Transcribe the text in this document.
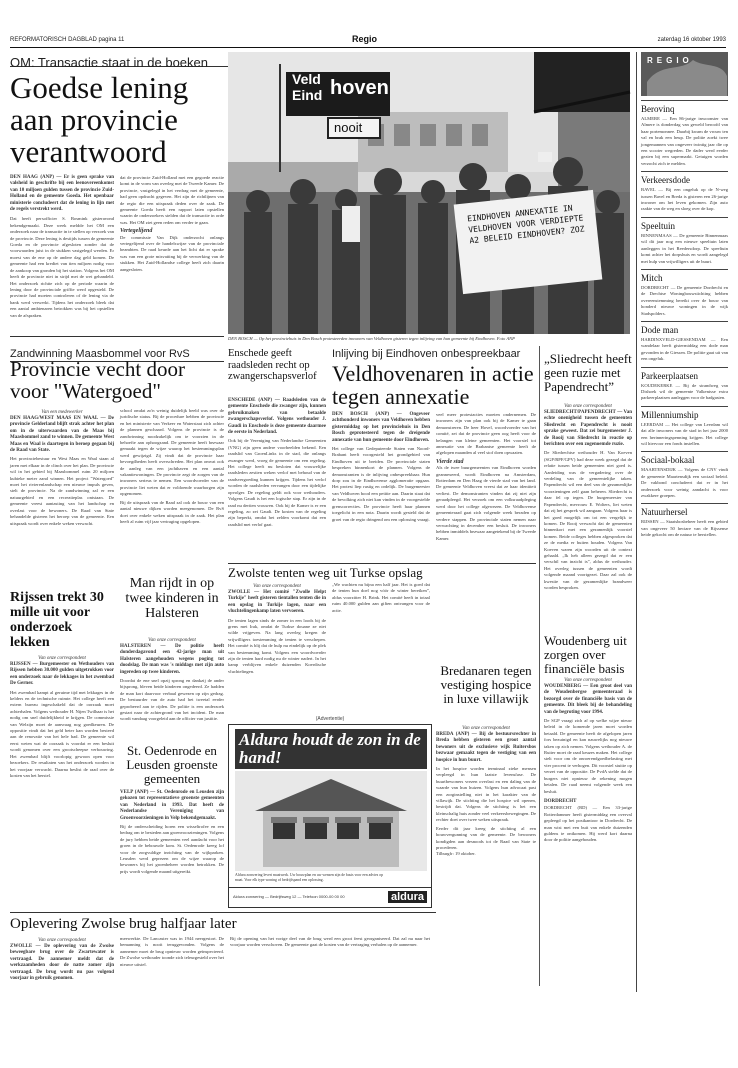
REFORMATORISCH DAGBLAD pagina 11	Regio	zaterdag 16 oktober 1993
OM: Transactie staat in de boeken
Goedse lening aan provincie verantwoord

DEN HAAG (ANP) — Er is geen sprake van valsheid in geschrifte bij een leenovereenkomst van 10 miljoen gulden tussen de provincie Zuid-Holland en de gemeente Goeda. Het openbaar ministerie concludeert dat de lening in lijn met de regels verstrekt werd.

Dat heeft persofficier S. Bosmink gisteravond bekendgemaakt. Deze week meldde het OM een onderzoek naar de transactie in te stellen op verzoek van de provincie. Deze lening is destijds tussen de gemeente Goeda en de provincie afgesloten zonder dat de voorwaarden juist in de stukken vastgelegd werden. Er moest van de ene op de andere dag geld komen. De gemeente had een krediet van tien miljoen nodig voor de aankoop van gronden bij het station. Volgens het OM heeft de provincie niet in strijd met de wet gehandeld. Het onderzoek richtte zich op de periode waarin de lening door de provinciale griffie werd opgesteld. De provincie had moeten controleren of de lening via de bank werd verwerkt. Tijdens het onderzoek bleek dat een aantal ambtenaren betrokken was bij het opstellen van de afspraken.

dat de provincie Zuid-Holland met een gegoede reactie komt in de vorm van overleg met de Tweede Kamer. De provincie, vastgelegd in het verdrag met de gemeente, had geen opdracht gegeven. Het zijn de richtlijnen van de regio die een uitspraak deden over de zaak. De gemeente Goeda heeft een rapport laten opstellen waarin de onderzoekers stelden dat de transactie in orde was. Het OM ziet geen reden om verder te gaan.

Vertegelijend

De commissie Van Dijk onderzocht onlangs vertegelijend over de handelswijze van de provinciale beambten. De raad keurde aan het licht dat er sprake was van een grote misvatting bij de verwerking van de stukken. Het Zuid-Hollandse college heeft zich daarin aangesloten.

Veld
Eind hoven
nooit
EINDHOVEN ANNEXATIE IN VELDHOVEN VOOR VERDIEPTE A2 BELEID EINDHOVEN? ZOZ
DEN BOSCH — Op het provinciehuis in Den Bosch protesteerden inwoners van Veldhoven gisteren tegen inlijving van hun gemeente bij Eindhoven. Foto ANP
Enschede geeft raadsleden recht op zwangerschapsverlof

ENSCHEDE (ANP) — Raadsleden van de gemeente Enschede die zwanger zijn, kunnen gebruikmaken van betaalde zwangerschapsverlof. Volgens wethouder J. Gaudi in Enschede is deze gemeente daarmee de eerste in Nederland.

Ook bij de Vereniging van Nederlandse Gemeenten (VNG) zijn geen andere voorbeelden bekend. Een raadslid van GroenLinks in de stad, die onlangs zwanger werd, vroeg de gemeente om een regeling. Het college heeft nu besloten dat vrouwelijke raadsleden zestien weken verlof met behoud van de raadsvergoeding kunnen krijgen. Tijdens het verlof worden de raadsleden vervangen door een tijdelijke opvolger. De regeling geldt ook voor wethouders. Volgens Gaudi is het een logische stap. Er zijn in de raad nu dertien vrouwen. Ook bij de Kamer is er een regeling, zo zei Gaudi. De kosten van de regeling zijn beperkt, omdat het zelden voorkomt dat een raadslid met verlof gaat.

Inlijving bij Eindhoven onbespreekbaar
Veldhovenaren in actie tegen annexatie

DEN BOSCH (ANP) — Ongeveer achthonderd inwoners van Veldhoven hebben gistermiddag op het provinciehuis in Den Bosch geprotesteerd tegen de dreigende annexatie van hun gemeente door Eindhoven.

Het college van Gedeputeerde Staten van Noord-Brabant heeft voorgesteld het grondgebied van Eindhoven uit te breiden. De provinciale staten bespreken binnenkort de plannen. Volgens de demonstranten is de inlijving onbespreekbaar. Hun dorp zou in de Eindhovense agglomeratie opgaan. Het protest liep rustig en ordelijk. De burgemeester van Veldhoven bood een petitie aan. Daarin staat dat de bevolking zich niet kan vinden in de voorgestelde grenscorrecties. De provincie heeft haar plannen toegelicht in een nota. Daarin wordt gesteld dat de groei van de regio dringend om een oplossing vraagt.

veel meer protestacties moeten ondernemen. De inwoners zijn van plan ook bij de Kamer te gaan demonstreren. De heer Hovel, woordvoerder van het comité, zei dat de provincie geen oog heeft voor de belangen van kleine gemeenten. Het voorstel tot annexatie van de Brabantse gemeente heeft de afgelopen maanden al veel stof doen opwaaien.

Vierde stad

Als de twee buurgemeenten van Eindhoven worden geannexeerd, wordt Eindhoven na Amsterdam, Rotterdam en Den Haag de vierde stad van het land. De gemeente Veldhoven vreest dat ze haar identiteit verliest. De demonstranten vinden dat zij niet zijn geraadpleegd. Het verzoek om een volksraadpleging werd door het college afgewezen. De Veldhovense gemeenteraad gaat zich volgende week beraden op verdere stappen. De provinciale staten nemen naar verwachting in december een besluit. De inwoners hebben inmiddels bezwaar aangetekend bij de Tweede Kamer.

„Sliedrecht heeft geen ruzie met Papendrecht”
Van onze correspondent

SLIEDRECHT/PAPENDRECHT — Van echte onenigheid tussen de gemeenten Sliedrecht en Papendrecht is nooit sprake geweest. Dat zei burgemeester J. de Rooij van Sliedrecht in reactie op berichten over een zogenoemde ruzie.

De Sliedrechtse wethouder H. Van Koeven (SGP/RPF/GPV) had deze week gezegd dat de relatie tussen beide gemeenten niet goed is. Aanleiding was de vergadering over de verdeling van de gemeentelijke taken. Papendrecht wil een deel van de gezamenlijke voorzieningen zelf gaan beheren. Sliedrecht is daar fel op tegen. De burgemeester van Papendrecht, mevrouw E. Wolters, liet weten dat zij het gesprek wil aangaan. Volgens haar is het goed mogelijk om tot een vergelijk te komen. De Rooij verwacht dat de gemeenten binnenkort met een gezamenlijk voorstel komen. Beide colleges hebben afgesproken dat ze de media er buiten houden. Volgens Van Koeven waren zijn woorden uit de context gehaald. „Ik heb alleen gezegd dat er een verschil van inzicht is”, aldus de wethouder. Het overleg tussen de gemeenten wordt volgende maand voortgezet. Daar zal ook de kwestie van de gezamenlijke brandweer worden besproken.

Woudenberg uit zorgen over financiële basis
Van onze correspondent

WOUDENBERG — Een groot deel van de Woudenbergse gemeenteraad is bezorgd over de financiële basis van de gemeente. Dit bleek bij de behandeling van de begroting voor 1994.

De SGP vraagt zich af op welke wijze nieuw beleid in de komende jaren moet worden betaald. De gemeente heeft de afgelopen jaren fors bezuinigd en kan nauwelijks nog nieuwe taken op zich nemen. Volgens wethouder A. de Ruiter moet de raad keuzes maken. Het college stelt voor om de onroerendgoedbelasting met vier procent te verhogen. Dit voorstel stuitte op verzet van de oppositie. De PvdA stelde dat de burgers niet opnieuw de rekening mogen betalen. De raad neemt volgende week een besluit.

DORDRECHT

DORDRECHT (RD) — Een 33-jarige Rotterdammer heeft gistermiddag een overval gepleegd op het postkantoor in Dordrecht. De man wist met een buit van enkele duizenden guldens te ontkomen. Hij werd kort daarna door de politie aangehouden.

Zandwinning Maasbommel voor RvS
Provincie vecht door voor "Watergoed"
Van een medewerker

DEN HAAG/WEST MAAS EN WAAL — De provincie Gelderland blijft strak achter het plan om in de uiterwaarden van de Maas bij Maasbommel zand te winnen. De gemeente West Maas en Waal is daartegen in beroep gegaan bij de Raad van State.

Het provinciebestuur en West Maas en Waal staan al jaren met elkaar in de clinch over het plan. De provincie wil in het gebied bij Maasbommel ruim 20 miljoen kubieke meter zand winnen. Het project "Watergoed" moet het rivierenlandschap een nieuwe impuls geven, stelt de provincie. Na de zandwinning zal er een natuurgebied en een recreatieplas ontstaan. De gemeente vreest aantasting van het landschap en overlast voor de bewoners. De Raad van State behandelde gisteren het beroep van de gemeente. Een uitspraak wordt over enkele weken verwacht.

school omdat zo'n weinig duidelijk beeld was over de juridische status. Bij de procedure hebben de provincie en het ministerie van Verkeer en Waterstaat zich achter de plannen geschaard. Volgens de provincie is de zandwinning noodzakelijk om te voorzien in de behoefte aan ophoogzand. De gemeente heeft bezwaar gemaakt tegen de wijze waarop het bestemmingsplan werd gewijzigd. Zij vindt dat de provincie haar bevoegdheden heeft overschreden. Het plan omvat ook de aanleg van een jachthaven en een aantal vakantiewoningen. De provincie zegt de zorgen van de inwoners serieus te nemen. Een woordvoerder van de provincie liet weten dat er voldoende waarborgen zijn opgenomen.

Bij de uitspraak van de Raad zal ook de bouw van een aantal nieuwe dijken worden meegenomen. De RvS doet over enkele weken uitspraak in de zaak. Het plan heeft al ruim vijf jaar vertraging opgelopen.

Man rijdt in op twee kinderen in Halsteren
Van onze correspondent

HALSTEREN — De politie heeft donderdagavond een 42-jarige man uit Halsteren aangehouden wegens poging tot doodslag. De man was 's middags met zijn auto ingereden op twee kinderen.

Doordat de ene snel opzij sprong en dankzij de ander bijsprong, bleven beide kinderen ongedeerd. Ze hadden de man kort daarvoor verbaal gewezen op zijn gedrag. De bestuurder van de auto had het tweetal eerder geprobeerd aan te rijden. De politie is een onderzoek gestart naar de achtergrond van het incident. De man wordt vandaag voorgeleid aan de officier van justitie.

St. Oedenrode en Leusden groenste gemeenten

VELP (ANP) — St. Oedenrode en Leusden zijn gekozen tot representatieve groenste gemeenten van Nederland in 1993. Dat heeft de Nederlandse Vereniging van Groenvoorzieningen in Velp bekendgemaakt.

Bij de onderscheiding horen een wisseltrofee en een bedrag om te besteden aan groenvoorzieningen. Volgens de jury hebben beide gemeenten veel aandacht voor het groen in de bebouwde kom. St. Oedenrode kreeg lof voor de zorgvuldige inrichting van de wijkparken. Leusden werd geprezen om de wijze waarop de bewoners bij het groenbeheer worden betrokken. De prijs wordt volgende maand uitgereikt.

Rijssen trekt 30 mille uit voor onderzoek lekken
Van onze correspondent

RIJSSEN — Burgemeester en Wethouders van Rijssen hebben 30.000 gulden uitgetrokken voor een onderzoek naar de lekkages in het zwembad De Gerner.

Het zwembad kampt al geruime tijd met lekkages in de kelders en de technische ruimte. Het college heeft een extern bureau ingeschakeld dat de oorzaak moet achterhalen. Volgens wethouder H. Nijen Twilhaar is het nodig om snel duidelijkheid te krijgen. De commissie van Welzijn moet de aanvraag nog goedkeuren. De oppositie vindt dat het geld beter kan worden besteed aan de renovatie van het hele bad. De gemeente wil eerst weten wat de oorzaak is voordat er een besluit wordt genomen over een grootscheepse verbouwing. Het zwembad blijft voorlopig gewoon open voor bezoekers. De resultaten van het onderzoek worden in het voorjaar verwacht. Daarna beslist de raad over de kosten van het herstel.

Zwolste tenten weg uit Turkse opslag
Van onze correspondent

ZWOLLE — Het comité "Zwolle Helpt Turkije" heeft gisteren tientallen tenten die in een opslag in Turkije lagen, naar een vluchtelingenkamp laten vervoeren.

De tenten lagen sinds de zomer in een loods bij de grens met Irak, omdat de Turkse douane ze niet wilde vrijgeven. Na lang overleg kregen de vrijwilligers toestemming de tenten te verschepen. Het comité is blij dat de hulp nu eindelijk op de plek van bestemming komt. Volgens een woordvoerder zijn de tenten hard nodig nu de winter nadert. In het kamp verblijven enkele duizenden Koerdische vluchtelingen.

„We wachten nu bijna een half jaar. Het is goed dat de tenten hun doel nog vóór de winter bereiken”, aldus voorzitter H. Brink. Het comité heeft in totaal ruim 40.000 gulden aan giften ontvangen voor de actie.

Bredanaren tegen vestiging hospice in luxe villawijk
Van onze correspondent

BREDA (ANP) — Bij de bestuursrechter in Breda hebben gisteren een groot aantal bewoners uit de exclusieve wijk Ruitersbos bezwaar gemaakt tegen de vestiging van een hospice in hun buurt.

In het hospice worden terminaal zieke mensen verpleegd in hun laatste levensfase. De buurtbewoners vrezen overlast en een daling van de waarde van hun huizen. Volgens hun advocaat past een zorginstelling niet in het karakter van de villawijk. De stichting die het hospice wil openen, bestrijdt dat. Volgens de stichting is het een kleinschalig huis zonder veel verkeersbewegingen. De rechter doet over twee weken uitspraak.

Eerder dit jaar kreeg de stichting al een bouwvergunning van de gemeente. De bewoners kondigden aan desnoods tot de Raad van State te procederen.

Tilburgfr: 19 oktober.

(Advertentie)
Aldura houdt de zon in de hand!
Aldura zonwering levert maatwerk. Uw bouwplan en uw wensen zijn de basis voor een advies op maat. Voor elk type woning of bedrijfspand een oplossing.
Aldura zonwering — Bedrijfsweg 12 — Telefoon 0000-00 00 00	aldura
Oplevering Zwolse brug halfjaar later
Van onze correspondent

ZWOLLE — De oplevering van de Zwolse beweegbare brug over de Zwartewater is vertraagd. De aannemer meldt dat de werkzaamheden door de natte zomer zijn vertraagd. De brug wordt nu pas volgend voorjaar in gebruik genomen.

meewerkte. De Lancaster was in 1944 neergestort. De bemanning is nooit teruggevonden. Volgens de aannemer moet de brug opnieuw worden geïnspecteerd. De Zwolse wethouder toonde zich teleurgesteld over het nieuwe uitstel.

Bij de opening van het vorige deel van de brug werd een groot feest georganiseerd. Dat zal nu naar het voorjaar worden verschoven. De gemeente gaat de kosten van de vertraging verhalen op de aannemer.

REGIO
Berovinq

ALMERE — Een 86-jarige inwoonster van Almere is donderdag van geweld beroofd van haar portemonnee. Daarbij kwam de vrouw ten val en brak een heup. De politie zoekt twee jongemannen van ongeveer twintig jaar die op een scooter wegreden. De dader werd eerder gezien bij een supermarkt. Getuigen worden verzocht zich te melden.

Verkeersdode

BAVEL — Bij een ongeluk op de N-weg tussen Bavel en Breda is gisteren een 26-jarige inwoner om het leven gekomen. Zijn auto raakte van de weg en sloeg over de kop.

Speeltuin

BINNENMAAS — De gemeente Binnenmaas wil dit jaar nog een nieuwe speeltuin laten aanleggen in het Reedersdorp. De speeltuin komt achter het dorpshuis en wordt aangelegd met hulp van vrijwilligers uit de buurt.

Mitch

DORDRECHT — De gemeente Dordrecht en de Drechtse Woningbouwstichting hebben overeenstemming bereikt over de bouw van honderd nieuwe woningen in de wijk Stadspolders.

Dode man

HARDINXVELD-GIESSENDAM — Een wandelaar heeft gistermiddag een dode man gevonden in de Giessen. De politie gaat uit van een ongeluk.

Parkeerplaatsen

KOUDEKERKE — Bij de strandweg van Dishoek wil de gemeente Valkenisse extra parkeerplaatsen aanleggen voor de badgasten.

Millenniumship

LEERDAM — Het college van Leerdam wil dat alle inwoners van de stad in het jaar 2000 een herinneringspenning krijgen. Het college wil hiervoor een fonds instellen.

Sociaal-bokaal

MAARTENSDIJK — Volgens de CNV vindt de gemeente Maartensdijk een sociaal beleid. De vakbond concludeert dat er in het onderzoek voor weinig aandacht is voor zwakkere groepen.

Natuurhersel

RIJSSEN — Staatsbosbeheer heeft een gebied van ongeveer 50 hectare van de Rijssense heide gekocht om de natuur te herstellen.
